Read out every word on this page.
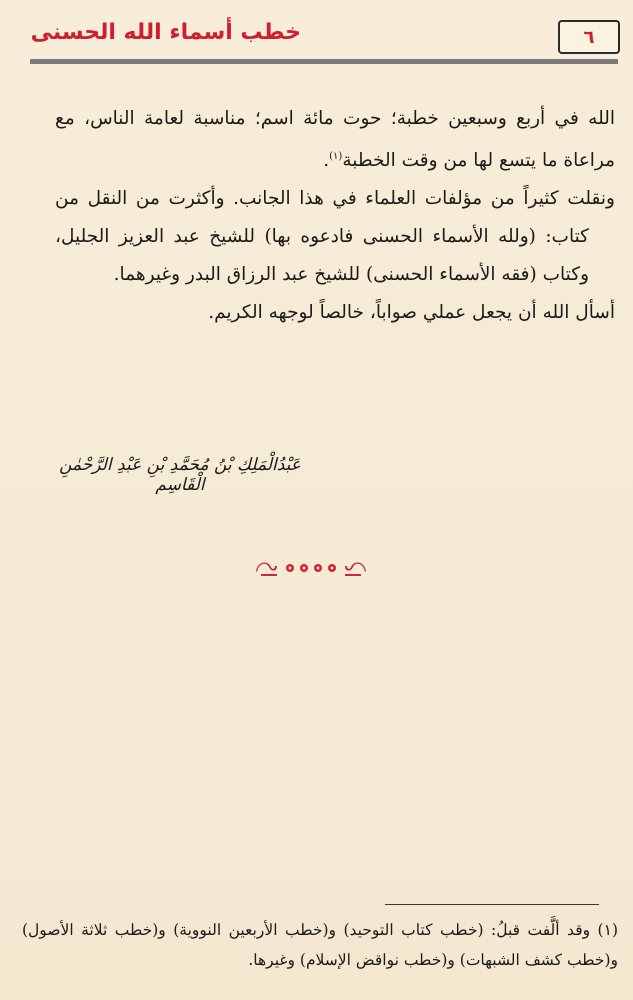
خطب أسماء الله الحسنى	٦

الله في أربع وسبعين خطبة؛ حوت مائة اسم؛ مناسبة لعامة الناس، مع مراعاة ما يتسع لها من وقت الخطبة$^{(١)}$.

ونقلت كثيراً من مؤلفات العلماء في هذا الجانب. وأكثرت من النقل من كتاب: (ولله الأسماء الحسنى فادعوه بها) للشيخ عبد العزيز الجليل، وكتاب (فقه الأسماء الحسنى) للشيخ عبد الرزاق البدر وغيرهما.

أسأل الله أن يجعل عملي صواباً، خالصاً لوجهه الكريم.

عَبْدُالْمَلِكِ بْنُ مُحَمَّدِ بْنِ عَبْدِ الرَّحْمٰنِ الْقَاسِم

(١) وقد ألَّفت قبلُ: (خطب كتاب التوحيد) و(خطب الأربعين النووية) و(خطب ثلاثة الأصول) و(خطب كشف الشبهات) و(خطب نواقض الإسلام) وغيرها.
